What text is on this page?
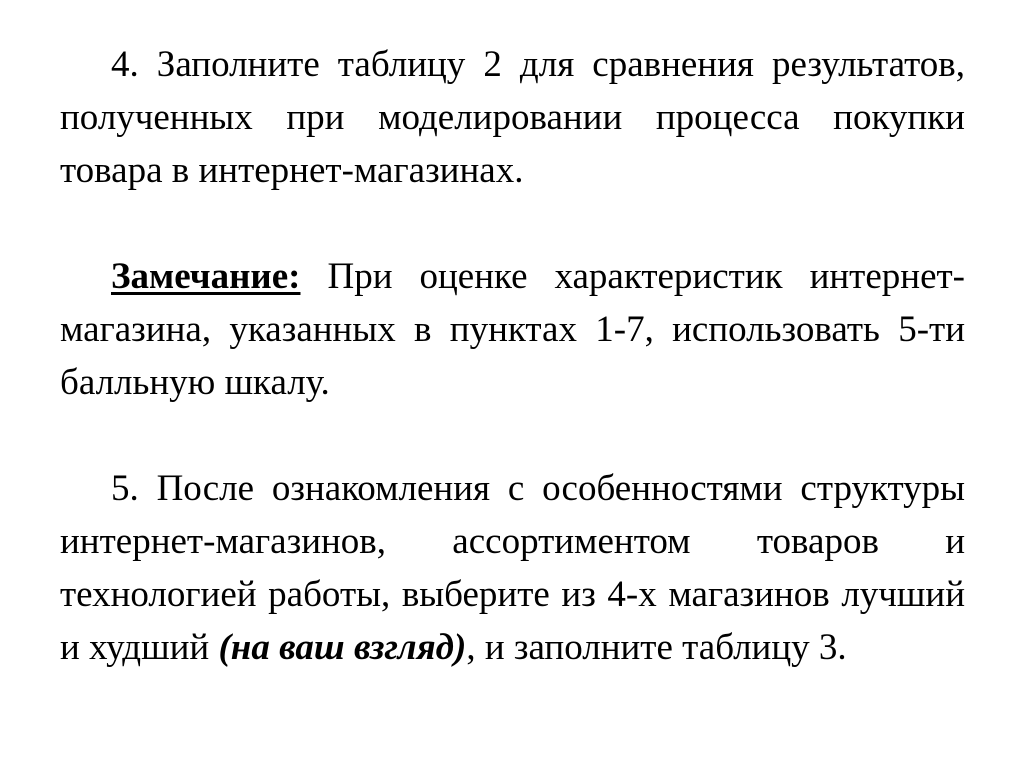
4. Заполните таблицу 2 для сравнения результатов, полученных при моделировании процесса покупки товара в интернет-магазинах.

Замечание: При оценке характеристик интернет-магазина, указанных в пунктах 1-7, использовать 5-ти балльную шкалу.

5. После ознакомления с особенностями структуры интернет-магазинов, ассортиментом товаров и технологией работы, выберите из 4-х магазинов лучший и худший (на ваш взгляд), и заполните таблицу 3.
